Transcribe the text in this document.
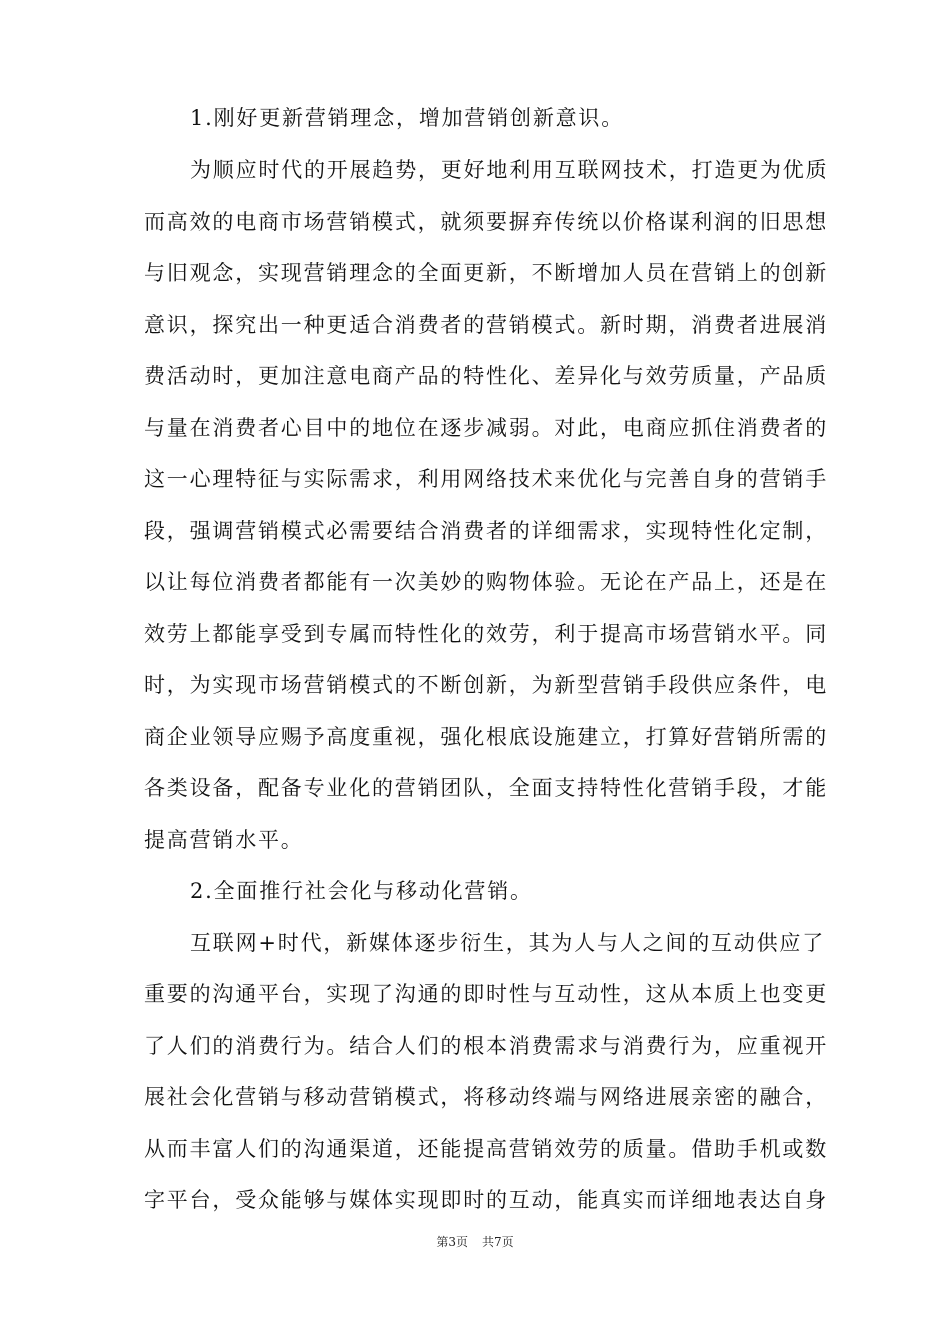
1.刚好更新营销理念，增加营销创新意识。
为顺应时代的开展趋势，更好地利用互联网技术，打造更为优质
而高效的电商市场营销模式，就须要摒弃传统以价格谋利润的旧思想
与旧观念，实现营销理念的全面更新，不断增加人员在营销上的创新
意识，探究出一种更适合消费者的营销模式。新时期，消费者进展消
费活动时，更加注意电商产品的特性化、差异化与效劳质量，产品质
与量在消费者心目中的地位在逐步减弱。对此，电商应抓住消费者的
这一心理特征与实际需求，利用网络技术来优化与完善自身的营销手
段，强调营销模式必需要结合消费者的详细需求，实现特性化定制，
以让每位消费者都能有一次美妙的购物体验。无论在产品上，还是在
效劳上都能享受到专属而特性化的效劳，利于提高市场营销水平。同
时，为实现市场营销模式的不断创新，为新型营销手段供应条件，电
商企业领导应赐予高度重视，强化根底设施建立，打算好营销所需的
各类设备，配备专业化的营销团队，全面支持特性化营销手段，才能
提高营销水平。
2.全面推行社会化与移动化营销。
互联网+时代，新媒体逐步衍生，其为人与人之间的互动供应了
重要的沟通平台，实现了沟通的即时性与互动性，这从本质上也变更
了人们的消费行为。结合人们的根本消费需求与消费行为，应重视开
展社会化营销与移动营销模式，将移动终端与网络进展亲密的融合，
从而丰富人们的沟通渠道，还能提高营销效劳的质量。借助手机或数
字平台，受众能够与媒体实现即时的互动，能真实而详细地表达自身
第3页 共7页
